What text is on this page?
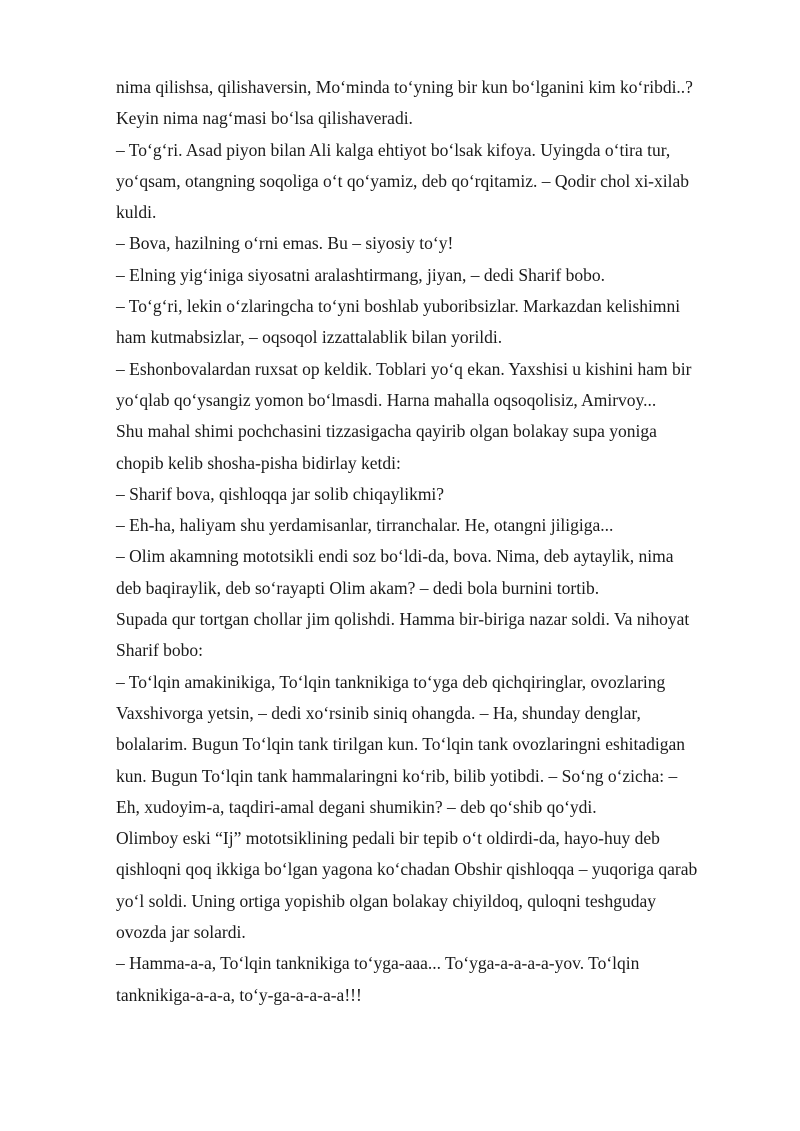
nima qilishsa, qilishaversin, Mo‘minda to‘yning bir kun bo‘lganini kim ko‘ribdi..?
Keyin nima nag‘masi bo‘lsa qilishaveradi.
– To‘g‘ri. Asad piyon bilan Ali kalga ehtiyot bo‘lsak kifoya. Uyingda o‘tira tur,
yo‘qsam, otangning soqoliga o‘t qo‘yamiz, deb qo‘rqitamiz. – Qodir chol xi-xilab
kuldi.
– Bova, hazilning o‘rni emas. Bu – siyosiy to‘y!
– Elning yig‘iniga siyosatni aralashtirmang, jiyan, – dedi Sharif bobo.
– To‘g‘ri, lekin o‘zlaringcha to‘yni boshlab yuboribsizlar. Markazdan kelishimni
ham kutmabsizlar, – oqsoqol izzattalablik bilan yorildi.
– Eshonbovalardan ruxsat op keldik. Toblari yo‘q ekan. Yaxshisi u kishini ham bir
yo‘qlab qo‘ysangiz yomon bo‘lmasdi. Harna mahalla oqsoqolisiz, Amirvoy...
Shu mahal shimi pochchasini tizzasigacha qayirib olgan bolakay supa yoniga
chopib kelib shosha-pisha bidirlay ketdi:
– Sharif bova, qishloqqa jar solib chiqaylikmi?
– Eh-ha, haliyam shu yerdamisanlar, tirranchalar. He, otangni jiligiga...
– Olim akamning mototsikli endi soz bo‘ldi-da, bova. Nima, deb aytaylik, nima
deb baqiraylik, deb so‘rayapti Olim akam? – dedi bola burnini tortib.
Supada qur tortgan chollar jim qolishdi. Hamma bir-biriga nazar soldi. Va nihoyat
Sharif bobo:
– To‘lqin amakinikiga, To‘lqin tanknikiga to‘yga deb qichqiringlar, ovozlaring
Vaxshivorga yetsin, – dedi xo‘rsinib siniq ohangda. – Ha, shunday denglar,
bolalarim. Bugun To‘lqin tank tirilgan kun. To‘lqin tank ovozlaringni eshitadigan
kun. Bugun To‘lqin tank hammalaringni ko‘rib, bilib yotibdi. – So‘ng o‘zicha: –
Eh, xudoyim-a, taqdiri-amal degani shumikin? – deb qo‘shib qo‘ydi.
Olimboy eski “Ij” mototsiklining pedali bir tepib o‘t oldirdi-da, hayo-huy deb
qishloqni qoq ikkiga bo‘lgan yagona ko‘chadan Obshir qishloqqa – yuqoriga qarab
yo‘l soldi. Uning ortiga yopishib olgan bolakay chiyildoq, quloqni teshguday
ovozda jar solardi.
– Hamma-a-a, To‘lqin tanknikiga to‘yga-aaa... To‘yga-a-a-a-a-yov. To‘lqin
tanknikiga-a-a-a, to‘y-ga-a-a-a-a!!!
